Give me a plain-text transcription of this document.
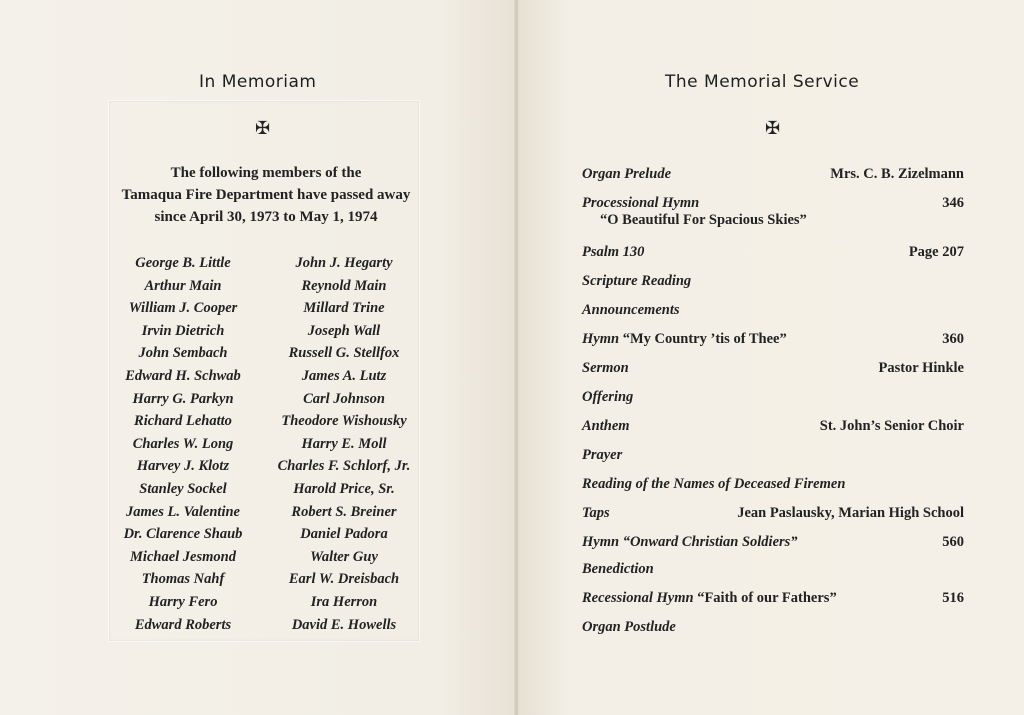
In Memoriam
✠
The following members of the
Tamaqua Fire Department have passed away
since April 30, 1973 to May 1, 1974
George B. Little
Arthur Main
William J. Cooper
Irvin Dietrich
John Sembach
Edward H. Schwab
Harry G. Parkyn
Richard Lehatto
Charles W. Long
Harvey J. Klotz
Stanley Sockel
James L. Valentine
Dr. Clarence Shaub
Michael Jesmond
Thomas Nahf
Harry Fero
Edward Roberts
John J. Hegarty
Reynold Main
Millard Trine
Joseph Wall
Russell G. Stellfox
James A. Lutz
Carl Johnson
Theodore Wishousky
Harry E. Moll
Charles F. Schlorf, Jr.
Harold Price, Sr.
Robert S. Breiner
Daniel Padora
Walter Guy
Earl W. Dreisbach
Ira Herron
David E. Howells
The Memorial Service
✠
Organ Prelude	Mrs. C. B. Zizelmann
Processional Hymn	346
“O Beautiful For Spacious Skies”
Psalm 130	Page 207
Scripture Reading
Announcements
Hymn “My Country ’tis of Thee”	360
Sermon	Pastor Hinkle
Offering
Anthem	St. John’s Senior Choir
Prayer
Reading of the Names of Deceased Firemen
Taps	Jean Paslausky, Marian High School
Hymn “Onward Christian Soldiers”	560
Benediction
Recessional Hymn “Faith of our Fathers”	516
Organ Postlude
